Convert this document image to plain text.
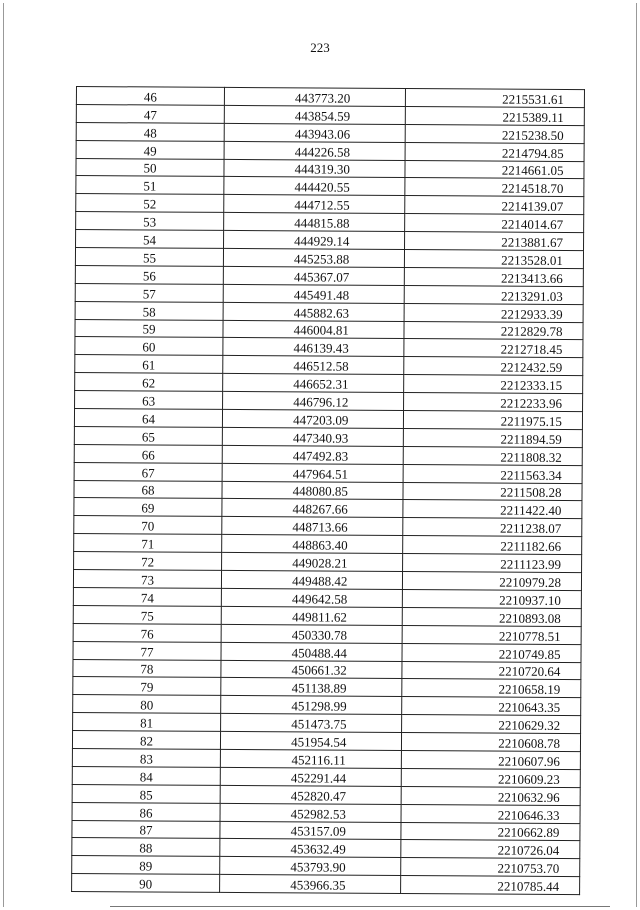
223
46	443773.20	2215531.61
47	443854.59	2215389.11
48	443943.06	2215238.50
49	444226.58	2214794.85
50	444319.30	2214661.05
51	444420.55	2214518.70
52	444712.55	2214139.07
53	444815.88	2214014.67
54	444929.14	2213881.67
55	445253.88	2213528.01
56	445367.07	2213413.66
57	445491.48	2213291.03
58	445882.63	2212933.39
59	446004.81	2212829.78
60	446139.43	2212718.45
61	446512.58	2212432.59
62	446652.31	2212333.15
63	446796.12	2212233.96
64	447203.09	2211975.15
65	447340.93	2211894.59
66	447492.83	2211808.32
67	447964.51	2211563.34
68	448080.85	2211508.28
69	448267.66	2211422.40
70	448713.66	2211238.07
71	448863.40	2211182.66
72	449028.21	2211123.99
73	449488.42	2210979.28
74	449642.58	2210937.10
75	449811.62	2210893.08
76	450330.78	2210778.51
77	450488.44	2210749.85
78	450661.32	2210720.64
79	451138.89	2210658.19
80	451298.99	2210643.35
81	451473.75	2210629.32
82	451954.54	2210608.78
83	452116.11	2210607.96
84	452291.44	2210609.23
85	452820.47	2210632.96
86	452982.53	2210646.33
87	453157.09	2210662.89
88	453632.49	2210726.04
89	453793.90	2210753.70
90	453966.35	2210785.44
